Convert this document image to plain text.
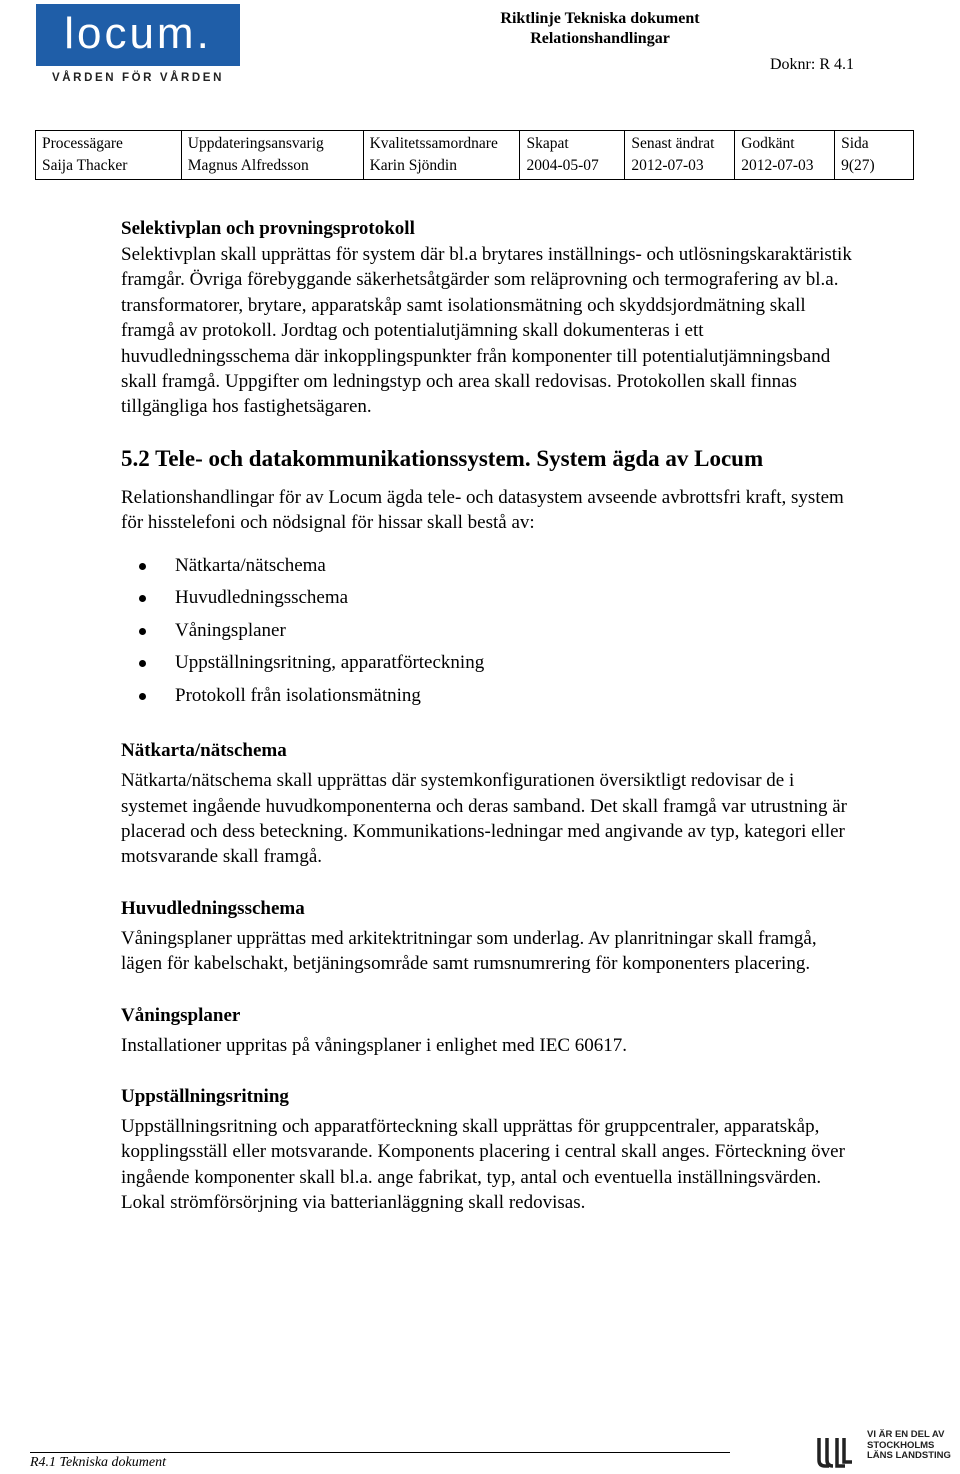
locum.
VÅRDEN FÖR VÅRDEN
Riktlinje Tekniska dokument
Relationshandlingar
Doknr: R 4.1
Processägare	Uppdateringsansvarig	Kvalitetssamordnare	Skapat	Senast ändrat	Godkänt	Sida
Saija Thacker	Magnus Alfredsson	Karin Sjöndin	2004-05-07	2012-07-03	2012-07-03	9(27)

Selektivplan och provningsprotokoll

Selektivplan skall upprättas för system där bl.a brytares inställnings- och utlösningskaraktäristik framgår. Övriga förebyggande säkerhetsåtgärder som reläprovning och termografering av bl.a. transformatorer, brytare, apparatskåp samt isolationsmätning och skyddsjordmätning skall framgå av protokoll. Jordtag och potentialutjämning skall dokumenteras i ett huvudledningsschema där inkopplingspunkter från komponenter till potentialutjämningsband skall framgå. Uppgifter om ledningstyp och area skall redovisas. Protokollen skall finnas tillgängliga hos fastighetsägaren.

5.2 Tele- och datakommunikationssystem. System ägda av Locum

Relationshandlingar för av Locum ägda tele- och datasystem avseende avbrottsfri kraft, system för hisstelefoni och nödsignal för hissar skall bestå av:

Nätkarta/nätschema
Huvudledningsschema
Våningsplaner
Uppställningsritning, apparatförteckning
Protokoll från isolationsmätning

Nätkarta/nätschema

Nätkarta/nätschema skall upprättas där systemkonfigurationen översiktligt redovisar de i systemet ingående huvudkomponenterna och deras samband. Det skall framgå var utrustning är placerad och dess beteckning. Kommunikations-ledningar med angivande av typ, kategori eller motsvarande skall framgå.

Huvudledningsschema

Våningsplaner upprättas med arkitektritningar som underlag. Av planritningar skall framgå, lägen för kabelschakt, betjäningsområde samt rumsnumrering för komponenters placering.

Våningsplaner

Installationer uppritas på våningsplaner i enlighet med IEC 60617.

Uppställningsritning

Uppställningsritning och apparatförteckning skall upprättas för gruppcentraler, apparatskåp, kopplingsställ eller motsvarande. Komponents placering i central skall anges. Förteckning över ingående komponenter skall bl.a. ange fabrikat, typ, antal och eventuella inställningsvärden. Lokal strömförsörjning via batterianläggning skall redovisas.

R4.1 Tekniska dokument
VI ÄR EN DEL AV
STOCKHOLMS
LÄNS LANDSTING
